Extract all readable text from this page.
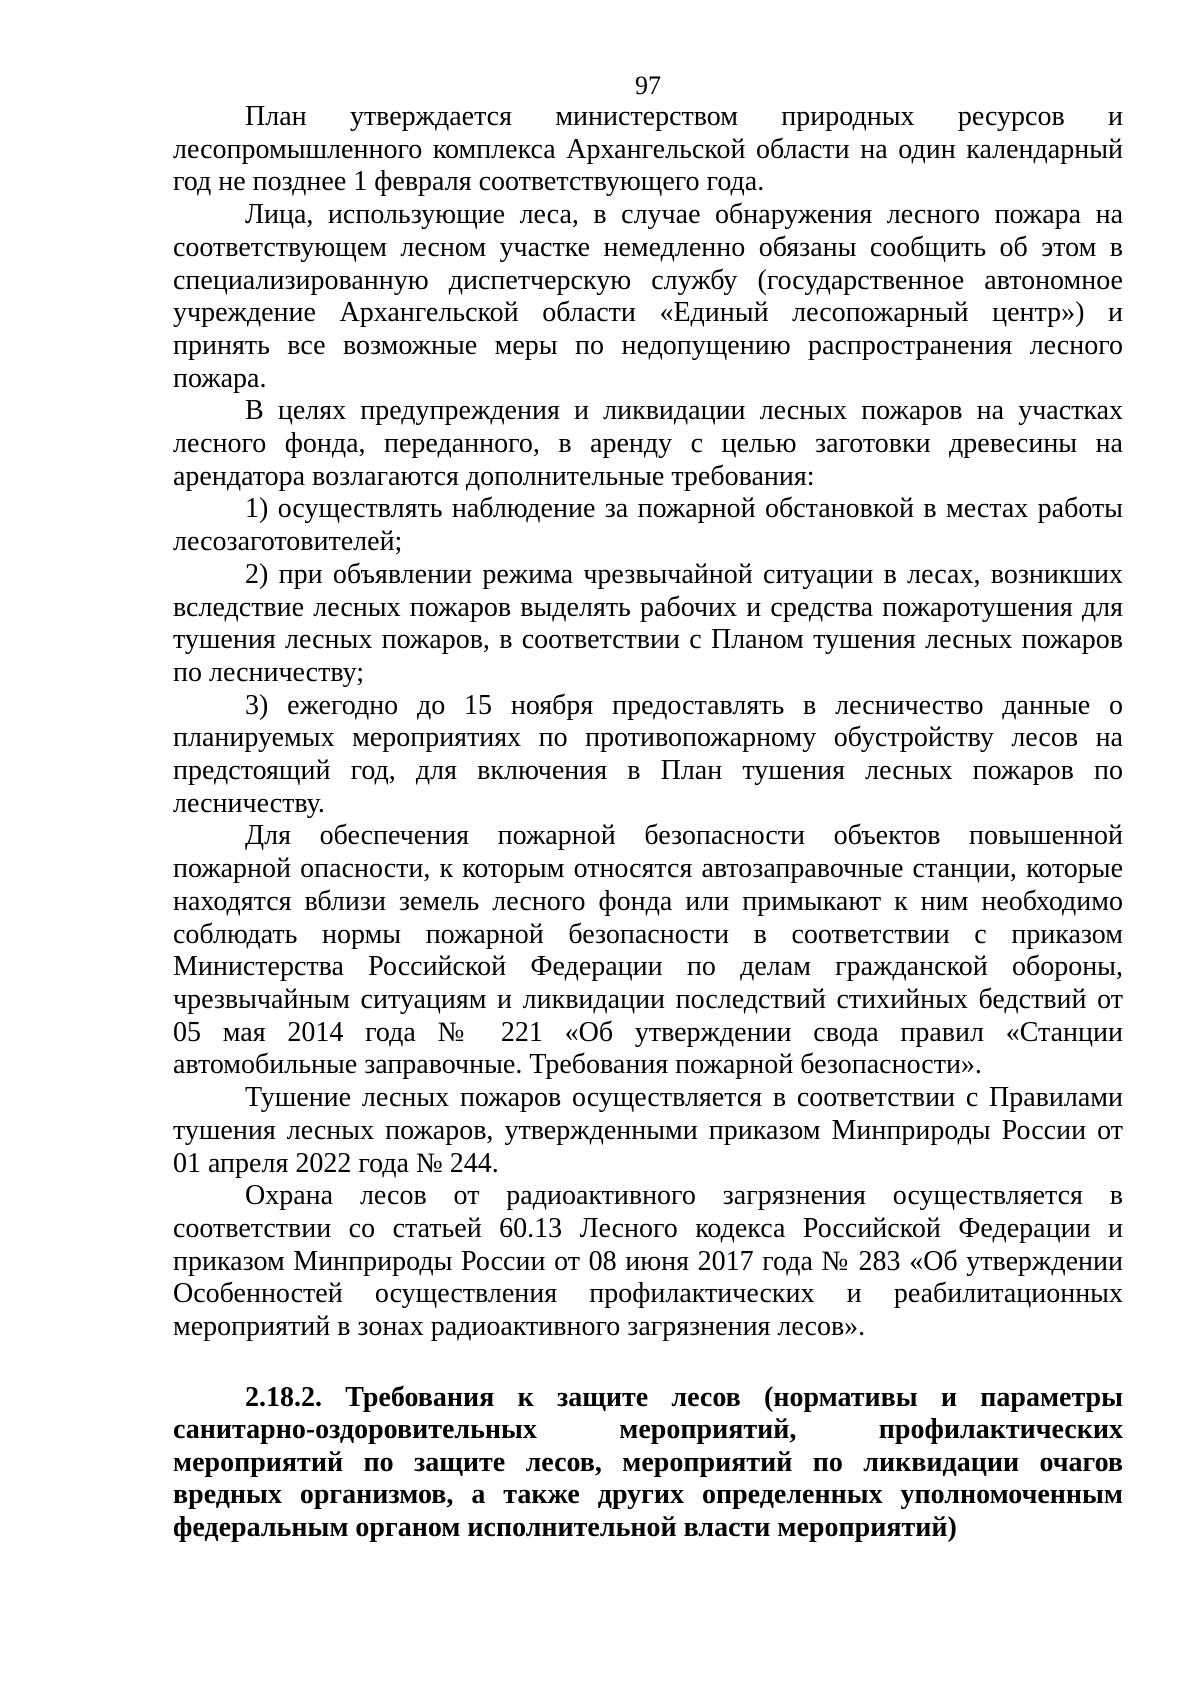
97

План утверждается министерством природных ресурсов и лесопромышленного комплекса Архангельской области на один календарный год не позднее 1 февраля соответствующего года.

Лица, использующие леса, в случае обнаружения лесного пожара на соответствующем лесном участке немедленно обязаны сообщить об этом в специализированную диспетчерскую службу (государственное автономное учреждение Архангельской области «Единый лесопожарный центр») и принять все возможные меры по недопущению распространения лесного пожара.

В целях предупреждения и ликвидации лесных пожаров на участках лесного фонда, переданного, в аренду с целью заготовки древесины на арендатора возлагаются дополнительные требования:

1) осуществлять наблюдение за пожарной обстановкой в местах работы лесозаготовителей;

2) при объявлении режима чрезвычайной ситуации в лесах, возникших вследствие лесных пожаров выделять рабочих и средства пожаротушения для тушения лесных пожаров, в соответствии с Планом тушения лесных пожаров по лесничеству;

3) ежегодно до 15 ноября предоставлять в лесничество данные о планируемых мероприятиях по противопожарному обустройству лесов на предстоящий год, для включения в План тушения лесных пожаров по лесничеству.

Для обеспечения пожарной безопасности объектов повышенной пожарной опасности, к которым относятся автозаправочные станции, которые находятся вблизи земель лесного фонда или примыкают к ним необходимо соблюдать нормы пожарной безопасности в соответствии с приказом Министерства Российской Федерации по делам гражданской обороны, чрезвычайным ситуациям и ликвидации последствий стихийных бедствий от 05 мая 2014 года № 221 «Об утверждении свода правил «Станции автомобильные заправочные. Требования пожарной безопасности».

Тушение лесных пожаров осуществляется в соответствии с Правилами тушения лесных пожаров, утвержденными приказом Минприроды России от 01 апреля 2022 года № 244.

Охрана лесов от радиоактивного загрязнения осуществляется в соответствии со статьей 60.13 Лесного кодекса Российской Федерации и приказом Минприроды России от 08 июня 2017 года № 283 «Об утверждении Особенностей осуществления профилактических и реабилитационных мероприятий в зонах радиоактивного загрязнения лесов».

2.18.2. Требования к защите лесов (нормативы и параметры санитарно-оздоровительных мероприятий, профилактических мероприятий по защите лесов, мероприятий по ликвидации очагов вредных организмов, а также других определенных уполномоченным федеральным органом исполнительной власти мероприятий)
